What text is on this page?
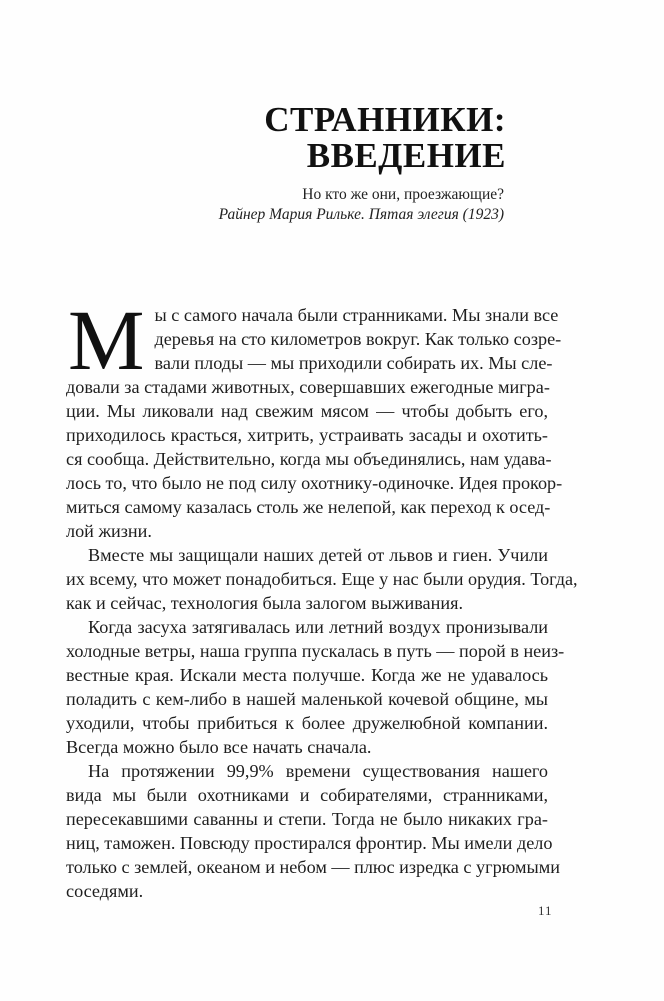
СТРАННИКИ:
ВВЕДЕНИЕ
Но кто же они, проезжающие?
Райнер Мария Рильке. Пятая элегия (1923)

М ы с самого начала были странниками. Мы знали все
деревья на сто километров вокруг. Как только созре-
вали плоды — мы приходили собирать их. Мы сле-
довали за стадами животных, совершавших ежегодные мигра-
ции. Мы ликовали над свежим мясом — чтобы добыть его,
приходилось красться, хитрить, устраивать засады и охотить-
ся сообща. Действительно, когда мы объединялись, нам удава-
лось то, что было не под силу охотнику-одиночке. Идея прокор-
миться самому казалась столь же нелепой, как переход к осед-
лой жизни.

Вместе мы защищали наших детей от львов и гиен. Учили
их всему, что может понадобиться. Еще у нас были орудия. Тогда,
как и сейчас, технология была залогом выживания.

Когда засуха затягивалась или летний воздух пронизывали
холодные ветры, наша группа пускалась в путь — порой в неиз-
вестные края. Искали места получше. Когда же не удавалось
поладить с кем-либо в нашей маленькой кочевой общине, мы
уходили, чтобы прибиться к более дружелюбной компании.
Всегда можно было все начать сначала.

На протяжении 99,9% времени существования нашего
вида мы были охотниками и собирателями, странниками,
пересекавшими саванны и степи. Тогда не было никаких гра-
ниц, таможен. Повсюду простирался фронтир. Мы имели дело
только с землей, океаном и небом — плюс изредка с угрюмыми
соседями.

11
